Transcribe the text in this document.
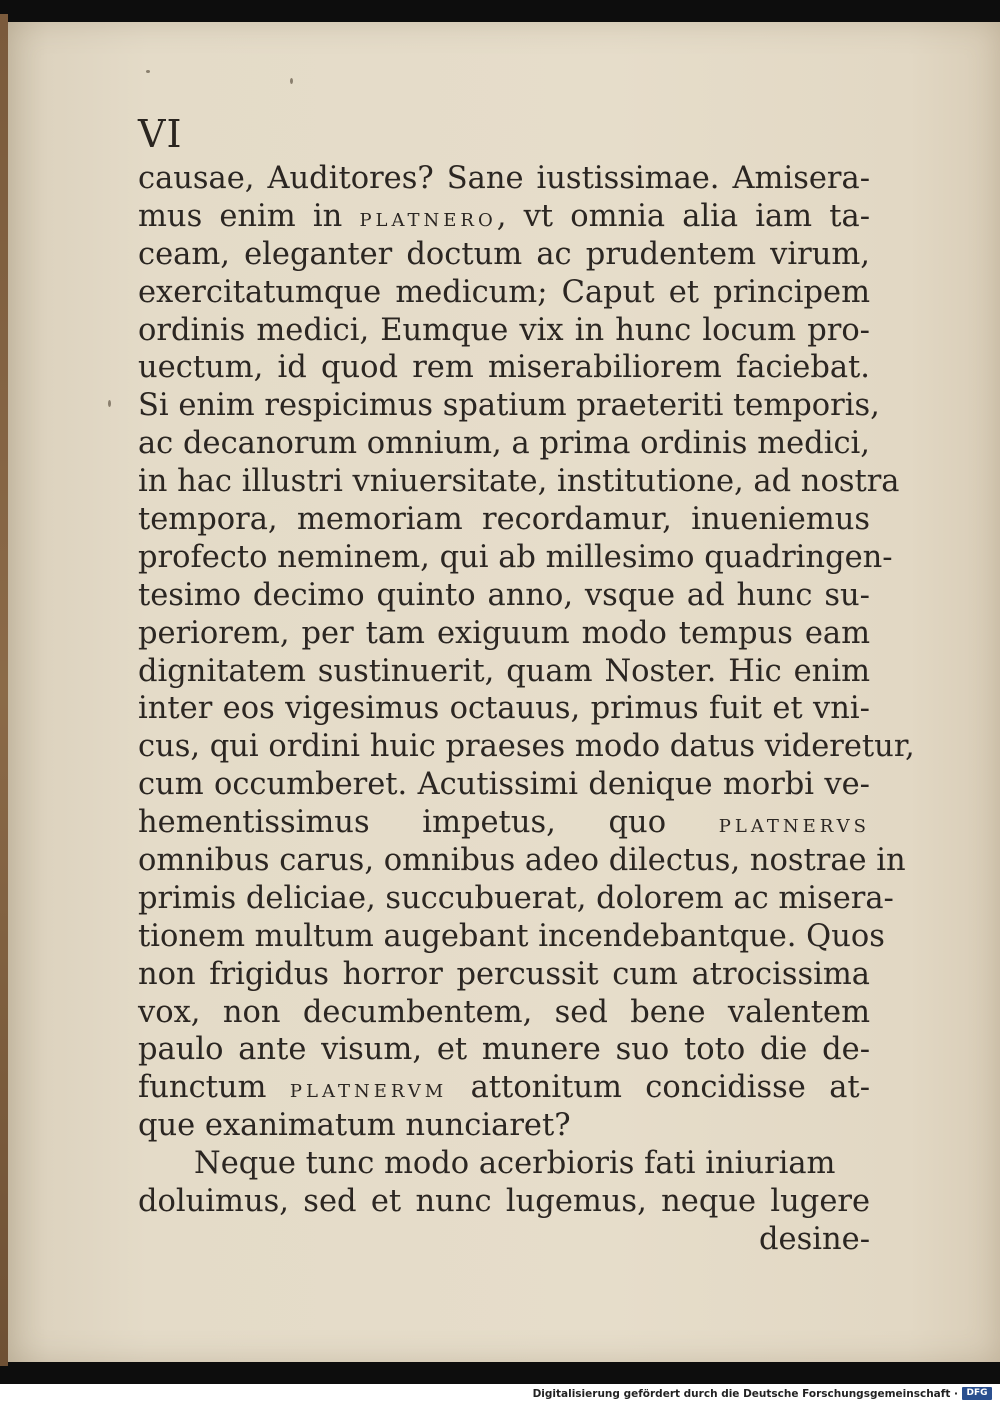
VI
causae, Auditores? Sane iustissimae. Amisera-
mus enim in platnero, vt omnia alia iam ta-
ceam, eleganter doctum ac prudentem virum,
exercitatumque medicum; Caput et principem
ordinis medici, Eumque vix in hunc locum pro-
uectum, id quod rem miserabiliorem faciebat.
Si enim respicimus spatium praeteriti temporis,
ac decanorum omnium, a prima ordinis medici,
in hac illustri vniuersitate, institutione, ad nostra
tempora, memoriam recordamur, inueniemus
profecto neminem, qui ab millesimo quadringen-
tesimo decimo quinto anno, vsque ad hunc su-
periorem, per tam exiguum modo tempus eam
dignitatem sustinuerit, quam Noster. Hic enim
inter eos vigesimus octauus, primus fuit et vni-
cus, qui ordini huic praeses modo datus videretur,
cum occumberet. Acutissimi denique morbi ve-
hementissimus impetus, quo platnervs
omnibus carus, omnibus adeo dilectus, nostrae in
primis deliciae, succubuerat, dolorem ac misera-
tionem multum augebant incendebantque. Quos
non frigidus horror percussit cum atrocissima
vox, non decumbentem, sed bene valentem
paulo ante visum, et munere suo toto die de-
functum platnervm attonitum concidisse at-
que exanimatum nunciaret?
Neque tunc modo acerbioris fati iniuriam
doluimus, sed et nunc lugemus, neque lugere
desine-
Digitalisierung gefördert durch die Deutsche Forschungsgemeinschaft · DFG
